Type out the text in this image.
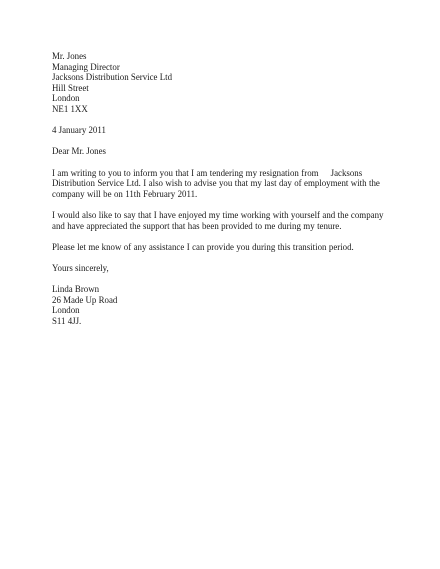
Mr. Jones
Managing Director
Jacksons Distribution Service Ltd
Hill Street
London
NE1 1XX
4 January 2011
Dear Mr. Jones
I am writing to you to inform you that I am tendering my resignation from     Jacksons Distribution Service Ltd. I also wish to advise you that my last day of employment with the company will be on 11th February 2011.
I would also like to say that I have enjoyed my time working with yourself and the company and have appreciated the support that has been provided to me during my tenure.
Please let me know of any assistance I can provide you during this transition period.
Yours sincerely,
Linda Brown
26 Made Up Road
London
S11 4JJ.
